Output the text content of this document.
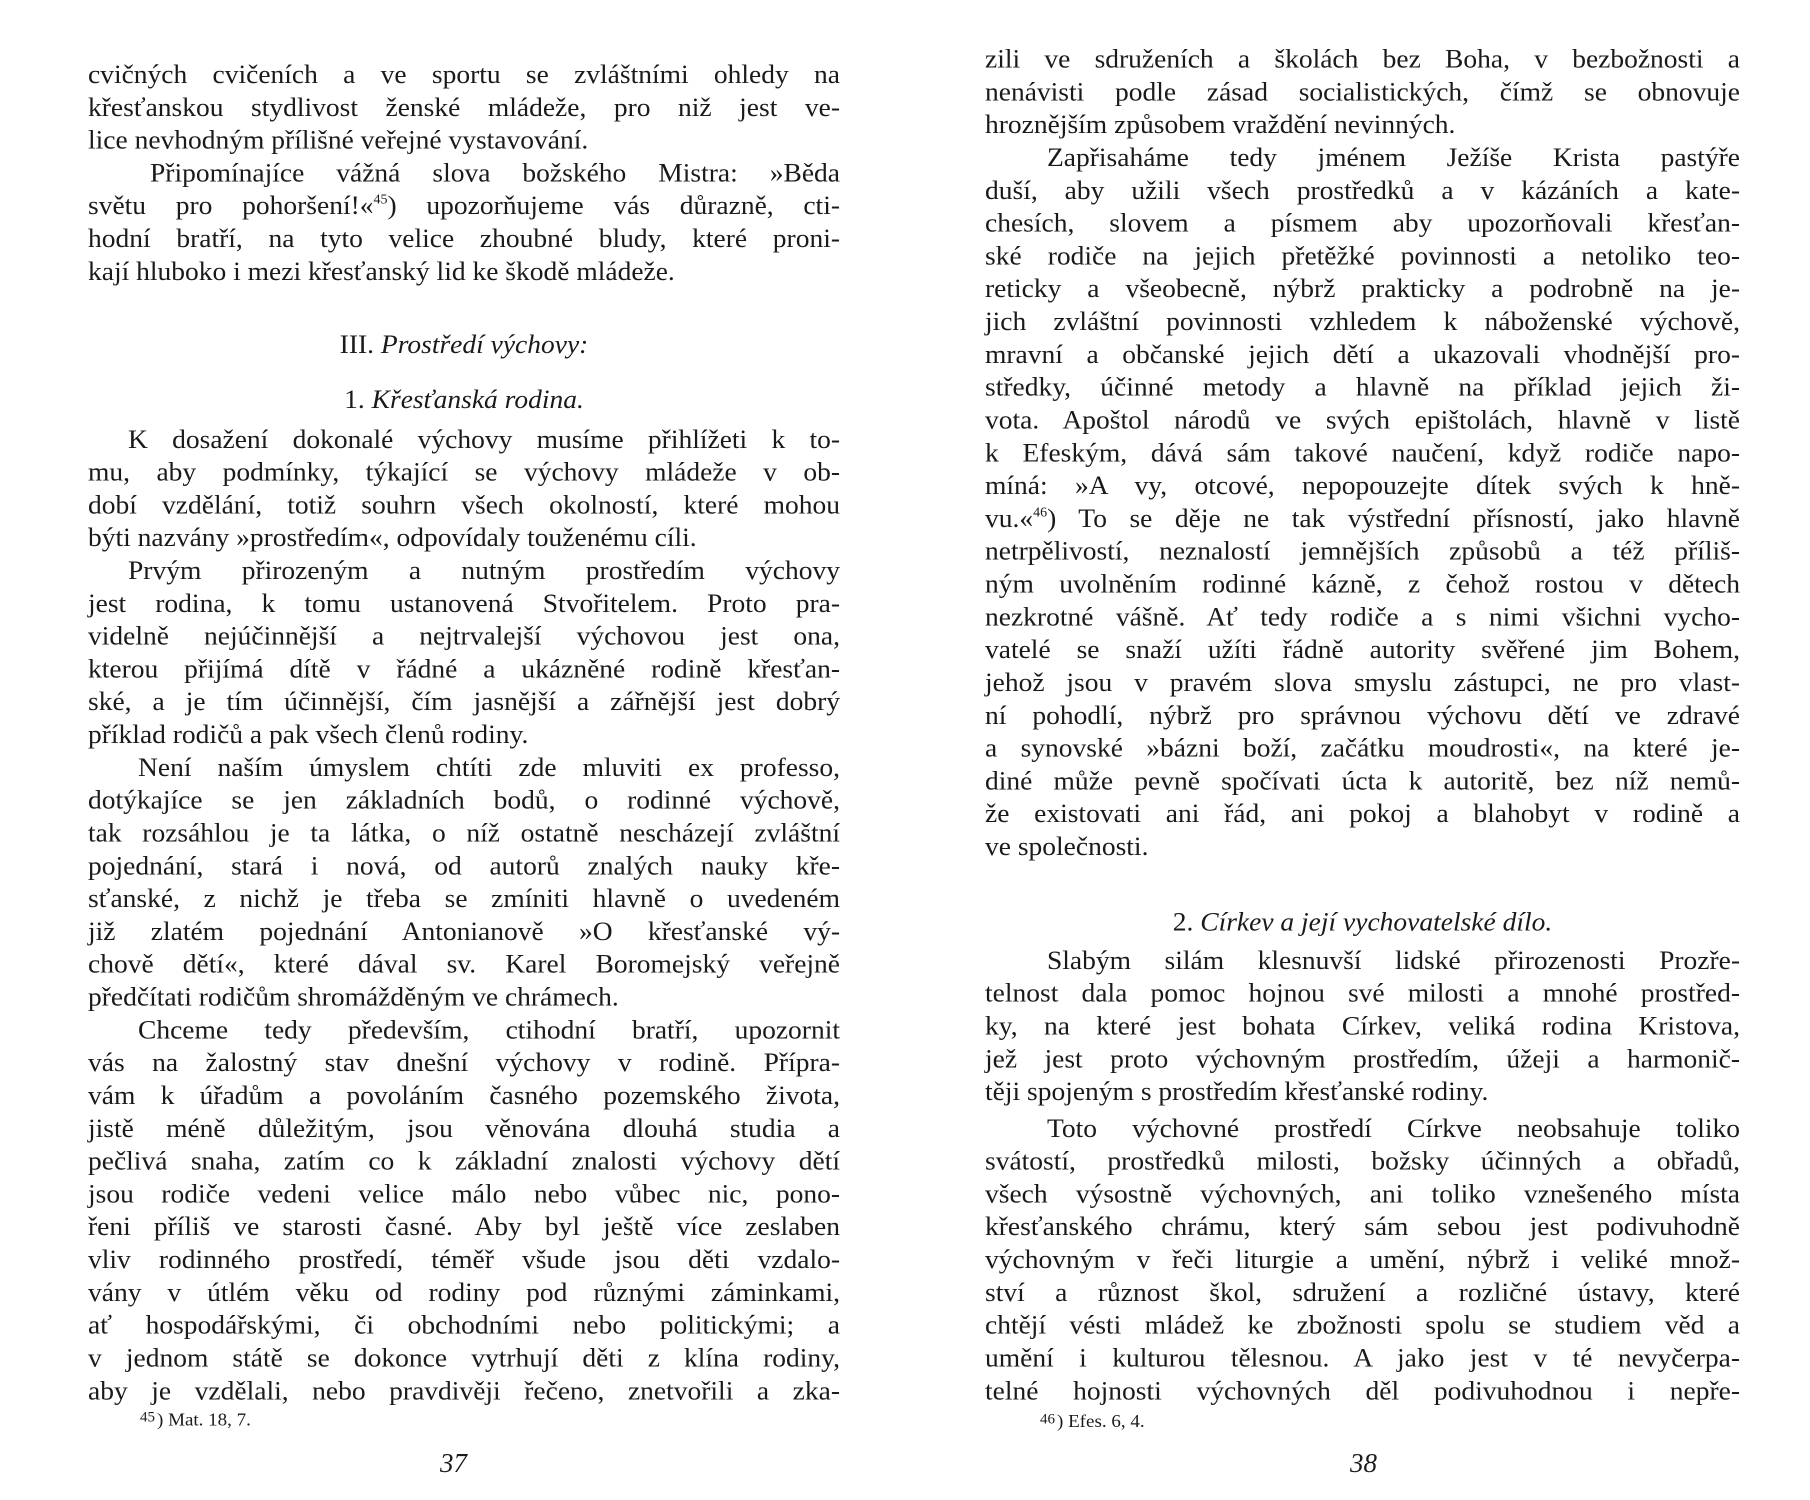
cvičných cvičeních a ve sportu se zvláštními ohledy na
křesťanskou stydlivost ženské mládeže, pro niž jest ve-
lice nevhodným přílišné veřejné vystavování.
Připomínajíce vážná slova božského Mistra: »Běda
světu pro pohoršení!«$^{45}$) upozorňujeme vás důrazně, cti-
hodní bratří, na tyto velice zhoubné bludy, které proni-
kají hluboko i mezi křesťanský lid ke škodě mládeže.
III. Prostředí výchovy:
1. Křesťanská rodina.
K dosažení dokonalé výchovy musíme přihlížeti k to-
mu, aby podmínky, týkající se výchovy mládeže v ob-
dobí vzdělání, totiž souhrn všech okolností, které mohou
býti nazvány »prostředím«, odpovídaly touženému cíli.
Prvým přirozeným a nutným prostředím výchovy
jest rodina, k tomu ustanovená Stvořitelem. Proto pra-
videlně nejúčinnější a nejtrvalejší výchovou jest ona,
kterou přijímá dítě v řádné a ukázněné rodině křesťan-
ské, a je tím účinnější, čím jasnější a zářnější jest dobrý
příklad rodičů a pak všech členů rodiny.
Není naším úmyslem chtíti zde mluviti ex professo,
dotýkajíce se jen základních bodů, o rodinné výchově,
tak rozsáhlou je ta látka, o níž ostatně nescházejí zvláštní
pojednání, stará i nová, od autorů znalých nauky kře-
sťanské, z nichž je třeba se zmíniti hlavně o uvedeném
již zlatém pojednání Antonianově »O křesťanské vý-
chově dětí«, které dával sv. Karel Boromejský veřejně
předčítati rodičům shromážděným ve chrámech.
Chceme tedy především, ctihodní bratří, upozornit
vás na žalostný stav dnešní výchovy v rodině. Přípra-
vám k úřadům a povoláním časného pozemského života,
jistě méně důležitým, jsou věnována dlouhá studia a
pečlivá snaha, zatím co k základní znalosti výchovy dětí
jsou rodiče vedeni velice málo nebo vůbec nic, pono-
řeni příliš ve starosti časné. Aby byl ještě více zeslaben
vliv rodinného prostředí, téměř všude jsou děti vzdalo-
vány v útlém věku od rodiny pod různými záminkami,
ať hospodářskými, či obchodními nebo politickými; a
v jednom státě se dokonce vytrhují děti z klína rodiny,
aby je vzdělali, nebo pravdivěji řečeno, znetvořili a zka-
$^{45}$ ) Mat. 18, 7.
zili ve sdruženích a školách bez Boha, v bezbožnosti a
nenávisti podle zásad socialistických, čímž se obnovuje
hroznějším způsobem vraždění nevinných.
Zapřisaháme tedy jménem Ježíše Krista pastýře
duší, aby užili všech prostředků a v kázáních a kate-
chesích, slovem a písmem aby upozorňovali křesťan-
ské rodiče na jejich přetěžké povinnosti a netoliko teo-
reticky a všeobecně, nýbrž prakticky a podrobně na je-
jich zvláštní povinnosti vzhledem k náboženské výchově,
mravní a občanské jejich dětí a ukazovali vhodnější pro-
středky, účinné metody a hlavně na příklad jejich ži-
vota. Apoštol národů ve svých epištolách, hlavně v listě
k Efeským, dává sám takové naučení, když rodiče napo-
míná: »A vy, otcové, nepopouzejte dítek svých k hně-
vu.«$^{46}$) To se děje ne tak výstřední přísností, jako hlavně
netrpělivostí, neznalostí jemnějších způsobů a též příliš-
ným uvolněním rodinné kázně, z čehož rostou v dětech
nezkrotné vášně. Ať tedy rodiče a s nimi všichni vycho-
vatelé se snaží užíti řádně autority svěřené jim Bohem,
jehož jsou v pravém slova smyslu zástupci, ne pro vlast-
ní pohodlí, nýbrž pro správnou výchovu dětí ve zdravé
a synovské »bázni boží, začátku moudrosti«, na které je-
diné může pevně spočívati úcta k autoritě, bez níž nemů-
že existovati ani řád, ani pokoj a blahobyt v rodině a
ve společnosti.
2. Církev a její vychovatelské dílo.
Slabým silám klesnuvší lidské přirozenosti Prozře-
telnost dala pomoc hojnou své milosti a mnohé prostřed-
ky, na které jest bohata Církev, veliká rodina Kristova,
jež jest proto výchovným prostředím, úžeji a harmonič-
těji spojeným s prostředím křesťanské rodiny.
Toto výchovné prostředí Církve neobsahuje toliko
svátostí, prostředků milosti, božsky účinných a obřadů,
všech výsostně výchovných, ani toliko vznešeného místa
křesťanského chrámu, který sám sebou jest podivuhodně
výchovným v řeči liturgie a umění, nýbrž i veliké množ-
ství a různost škol, sdružení a rozličné ústavy, které
chtějí vésti mládež ke zbožnosti spolu se studiem věd a
umění i kulturou tělesnou. A jako jest v té nevyčerpa-
telné hojnosti výchovných děl podivuhodnou i nepře-
$^{46}$ ) Efes. 6, 4.
37	38
